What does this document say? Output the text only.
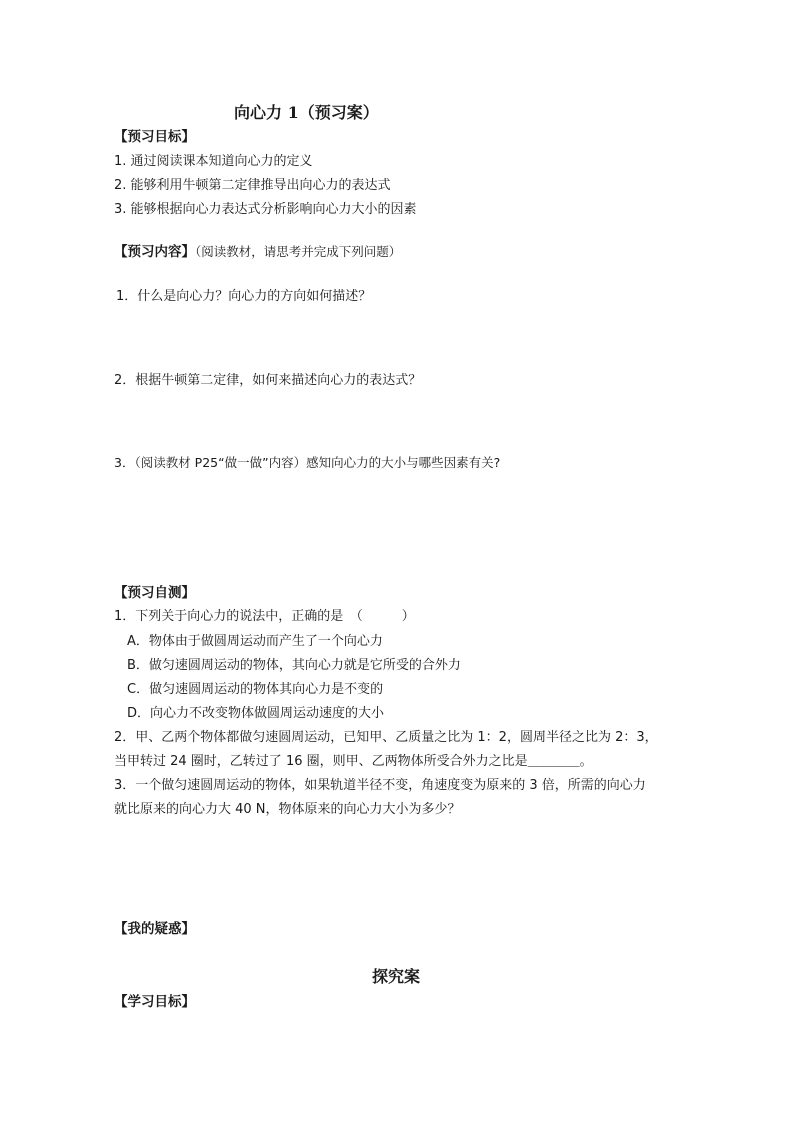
向心力 1（预习案）
【预习目标】
1. 通过阅读课本知道向心力的定义
2. 能够利用牛顿第二定律推导出向心力的表达式
3. 能够根据向心力表达式分析影响向心力大小的因素
【预习内容】（阅读教材，请思考并完成下列问题）
1．什么是向心力？向心力的方向如何描述？
2．根据牛顿第二定律，如何来描述向心力的表达式？
3．（阅读教材 P25“做一做”内容）感知向心力的大小与哪些因素有关?
【预习自测】
1．下列关于向心力的说法中，正确的是　（　　　）
A．物体由于做圆周运动而产生了一个向心力
B．做匀速圆周运动的物体，其向心力就是它所受的合外力
C．做匀速圆周运动的物体其向心力是不变的
D．向心力不改变物体做圆周运动速度的大小
2．甲、乙两个物体都做匀速圆周运动，已知甲、乙质量之比为 1：2，圆周半径之比为 2：3，
当甲转过 24 圈时，乙转过了 16 圈，则甲、乙两物体所受合外力之比是＿＿＿＿。
3．一个做匀速圆周运动的物体，如果轨道半径不变，角速度变为原来的 3 倍，所需的向心力
就比原来的向心力大 40 N，物体原来的向心力大小为多少？
【我的疑惑】
探究案
【学习目标】
